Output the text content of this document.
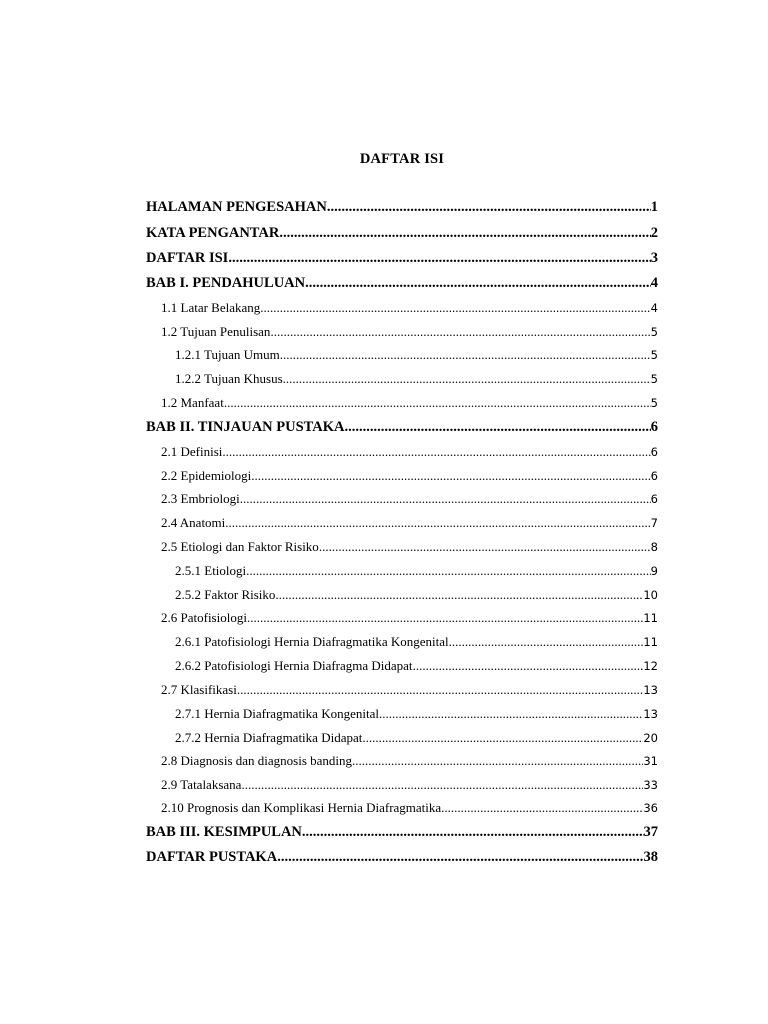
DAFTAR ISI
HALAMAN PENGESAHAN .....	1
KATA PENGANTAR .....	2
DAFTAR ISI .....	3
BAB I. PENDAHULUAN .....	4
1.1 Latar Belakang .....	4
1.2 Tujuan Penulisan .....	5
1.2.1 Tujuan Umum .....	5
1.2.2 Tujuan Khusus .....	5
1.2 Manfaat .....	5
BAB II. TINJAUAN PUSTAKA .....	6
2.1 Definisi .....	6
2.2 Epidemiologi .....	6
2.3 Embriologi .....	6
2.4 Anatomi .....	7
2.5 Etiologi dan Faktor Risiko .....	8
2.5.1 Etiologi .....	9
2.5.2 Faktor Risiko .....	10
2.6 Patofisiologi .....	11
2.6.1 Patofisiologi Hernia Diafragmatika Kongenital .....	11
2.6.2 Patofisiologi Hernia Diafragma Didapat .....	12
2.7 Klasifikasi .....	13
2.7.1 Hernia Diafragmatika Kongenital .....	13
2.7.2 Hernia Diafragmatika Didapat .....	20
2.8 Diagnosis dan diagnosis banding .....	31
2.9 Tatalaksana .....	33
2.10 Prognosis dan Komplikasi Hernia Diafragmatika .....	36
BAB III. KESIMPULAN .....	37
DAFTAR PUSTAKA .....	38
